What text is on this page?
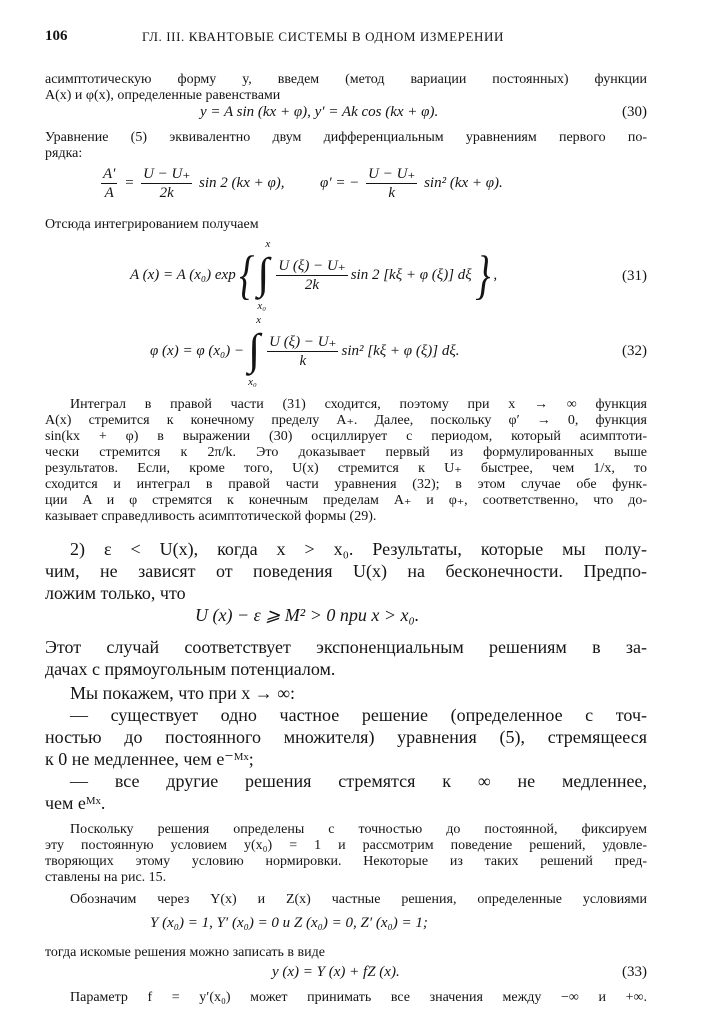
106	ГЛ. III. КВАНТОВЫЕ СИСТЕМЫ В ОДНОМ ИЗМЕРЕНИИ
асимптотическую форму y, введем (метод вариации постоянных) функции
A(x) и φ(x), определенные равенствами
y = A sin (kx + φ), y′ = Ak cos (kx + φ).	(30)
Уравнение (5) эквивалентно двум дифференциальным уравнениям первого по-
рядка:
$\frac{A'}{A} = \frac{U - U_+}{2k}$ sin 2 (kx + φ), φ′ = − $\frac{U - U_+}{k} \sin^2$ (kx + φ).
Отсюда интегрированием получаем
A (x) = A (x₀) exp {
x
∫
x₀
$\frac{U (\xi) - U_+}{2k}$ sin 2 [kξ + φ (ξ)] dξ } ,	(31)
φ (x) = φ (x₀) −
x
∫
x₀
$\frac{U (\xi) - U_+}{k} \sin^2$ [kξ + φ (ξ)] dξ.	(32)
Интеграл в правой части (31) сходится, поэтому при x → ∞ функция
A(x) стремится к конечному пределу A₊. Далее, поскольку φ′ → 0, функция
sin(kx + φ) в выражении (30) осциллирует с периодом, который асимптоти-
чески стремится к 2π/k. Это доказывает первый из формулированных выше
результатов. Если, кроме того, U(x) стремится к U₊ быстрее, чем 1/x, то
сходится и интеграл в правой части уравнения (32); в этом случае обе функ-
ции A и φ стремятся к конечным пределам A₊ и φ₊, соответственно, что до-
казывает справедливость асимптотической формы (29).
2) ε < U(x), когда x > x₀. Результаты, которые мы полу-
чим, не зависят от поведения U(x) на бесконечности. Предпо-
ложим только, что
U (x) − ε ⩾ M² > 0 при x > x₀.
Этот случай соответствует экспоненциальным решениям в за-
дачах с прямоугольным потенциалом.
Мы покажем, что при x → ∞:
— существует одно частное решение (определенное с точ-
ностью до постоянного множителя) уравнения (5), стремящееся
к 0 не медленнее, чем e⁻ᴹˣ;
— все другие решения стремятся к ∞ не медленнее,
чем eᴹˣ.
Поскольку решения определены с точностью до постоянной, фиксируем
эту постоянную условием y(x₀) = 1 и рассмотрим поведение решений, удовле-
творяющих этому условию нормировки. Некоторые из таких решений пред-
ставлены на рис. 15.
Обозначим через Y(x) и Z(x) частные решения, определенные условиями
Y (x₀) = 1, Y′ (x₀) = 0 и Z (x₀) = 0, Z′ (x₀) = 1;
тогда искомые решения можно записать в виде
y (x) = Y (x) + fZ (x).	(33)
Параметр f = y′(x₀) может принимать все значения между −∞ и +∞.
